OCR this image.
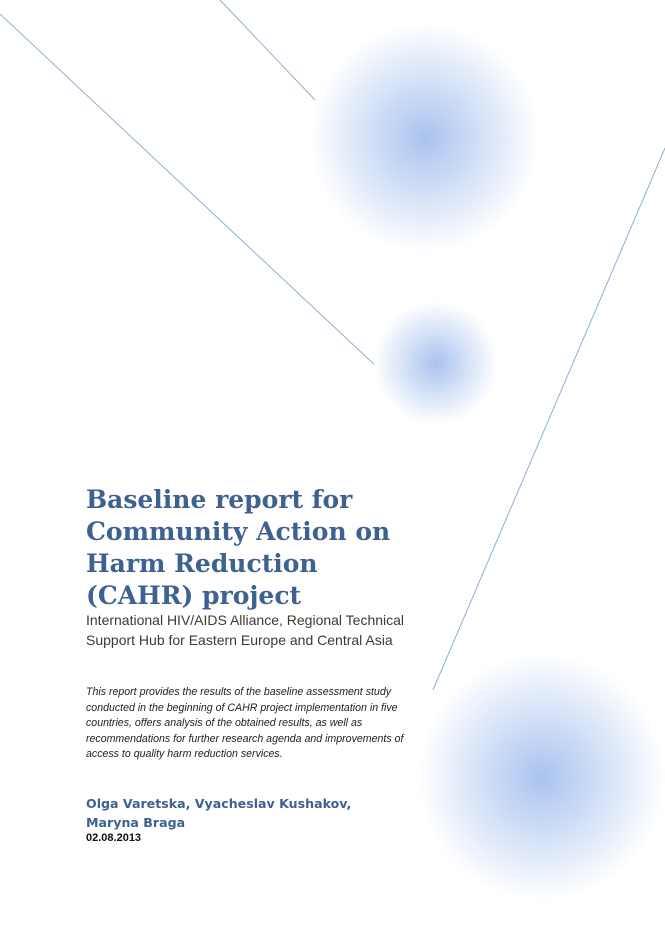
Baseline report for Community Action on Harm Reduction (CAHR) project
International HIV/AIDS Alliance, Regional Technical Support Hub for Eastern Europe and Central Asia
This report provides the results of the baseline assessment study conducted in the beginning of CAHR project implementation in five countries, offers analysis of the obtained results, as well as recommendations for further research agenda and improvements of access to quality harm reduction services.
Olga Varetska, Vyacheslav Kushakov, Maryna Braga
02.08.2013
